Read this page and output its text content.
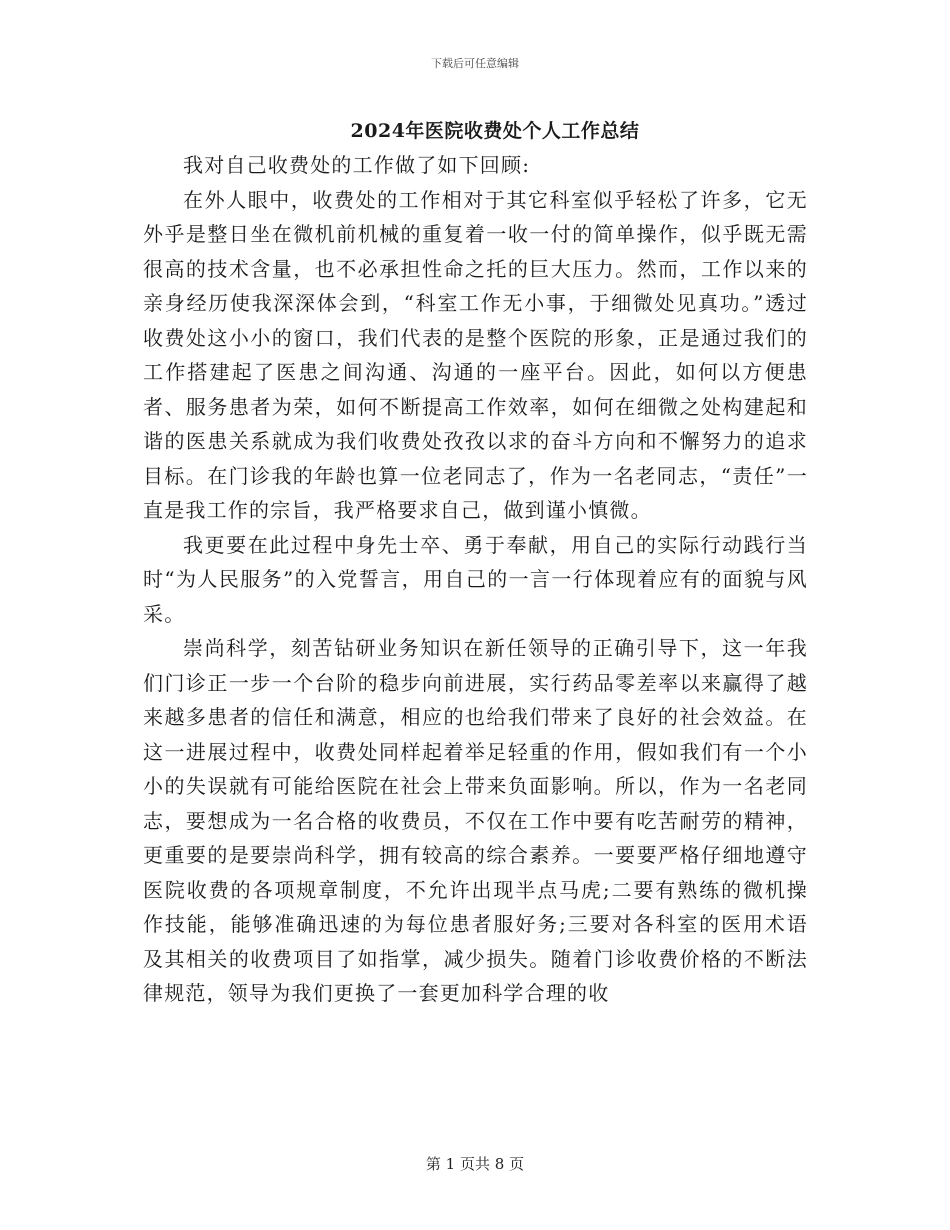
下载后可任意编辑
2024年医院收费处个人工作总结

我对自己收费处的工作做了如下回顾:

在外人眼中，收费处的工作相对于其它科室似乎轻松了许多，它无外乎是整日坐在微机前机械的重复着一收一付的简单操作，似乎既无需很高的技术含量，也不必承担性命之托的巨大压力。然而，工作以来的亲身经历使我深深体会到，“科室工作无小事，于细微处见真功。”透过收费处这小小的窗口，我们代表的是整个医院的形象，正是通过我们的工作搭建起了医患之间沟通、沟通的一座平台。因此，如何以方便患者、服务患者为荣，如何不断提高工作效率，如何在细微之处构建起和谐的医患关系就成为我们收费处孜孜以求的奋斗方向和不懈努力的追求目标。在门诊我的年龄也算一位老同志了，作为一名老同志，“责任”一直是我工作的宗旨，我严格要求自己，做到谨小慎微。

我更要在此过程中身先士卒、勇于奉献，用自己的实际行动践行当时“为人民服务”的入党誓言，用自己的一言一行体现着应有的面貌与风采。

崇尚科学，刻苦钻研业务知识在新任领导的正确引导下，这一年我们门诊正一步一个台阶的稳步向前进展，实行药品零差率以来赢得了越来越多患者的信任和满意，相应的也给我们带来了良好的社会效益。在这一进展过程中，收费处同样起着举足轻重的作用，假如我们有一个小小的失误就有可能给医院在社会上带来负面影响。所以，作为一名老同志，要想成为一名合格的收费员，不仅在工作中要有吃苦耐劳的精神，更重要的是要崇尚科学，拥有较高的综合素养。一要要严格仔细地遵守医院收费的各项规章制度，不允许出现半点马虎;二要有熟练的微机操作技能，能够准确迅速的为每位患者服好务;三要对各科室的医用术语及其相关的收费项目了如指掌，减少损失。随着门诊收费价格的不断法律规范，领导为我们更换了一套更加科学合理的收

第 1 页共 8 页
